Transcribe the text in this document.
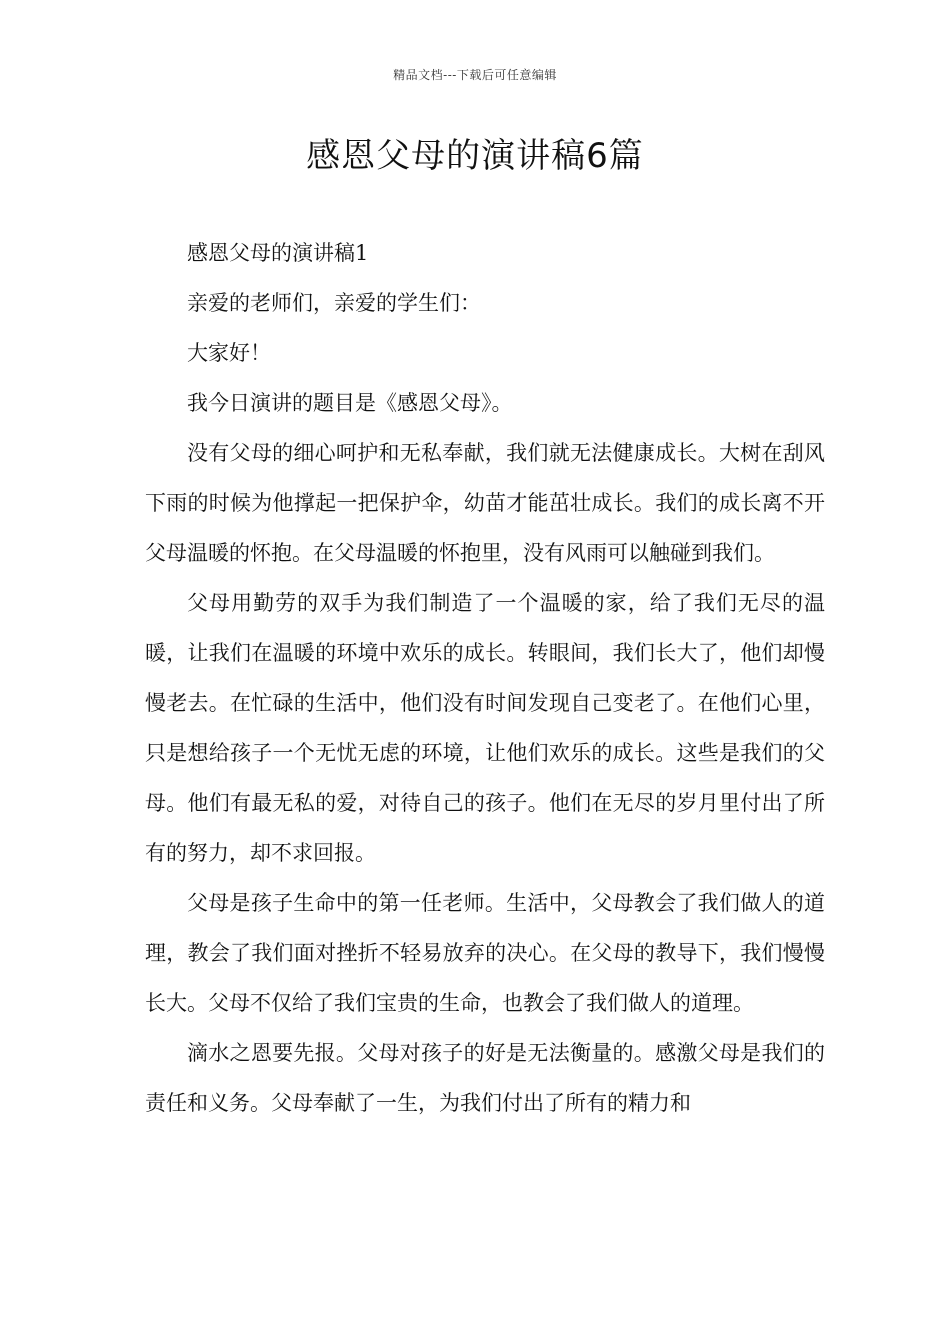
精品文档---下载后可任意编辑
感恩父母的演讲稿6篇

感恩父母的演讲稿1

亲爱的老师们，亲爱的学生们：

大家好！

我今日演讲的题目是《感恩父母》。

没有父母的细心呵护和无私奉献，我们就无法健康成长。大树在刮风下雨的时候为他撑起一把保护伞，幼苗才能茁壮成长。我们的成长离不开父母温暖的怀抱。在父母温暖的怀抱里，没有风雨可以触碰到我们。

父母用勤劳的双手为我们制造了一个温暖的家，给了我们无尽的温暖，让我们在温暖的环境中欢乐的成长。转眼间，我们长大了，他们却慢慢老去。在忙碌的生活中，他们没有时间发现自己变老了。在他们心里，只是想给孩子一个无忧无虑的环境，让他们欢乐的成长。这些是我们的父母。他们有最无私的爱，对待自己的孩子。他们在无尽的岁月里付出了所有的努力，却不求回报。

父母是孩子生命中的第一任老师。生活中，父母教会了我们做人的道理，教会了我们面对挫折不轻易放弃的决心。在父母的教导下，我们慢慢长大。父母不仅给了我们宝贵的生命，也教会了我们做人的道理。

滴水之恩要先报。父母对孩子的好是无法衡量的。感激父母是我们的责任和义务。父母奉献了一生，为我们付出了所有的精力和
